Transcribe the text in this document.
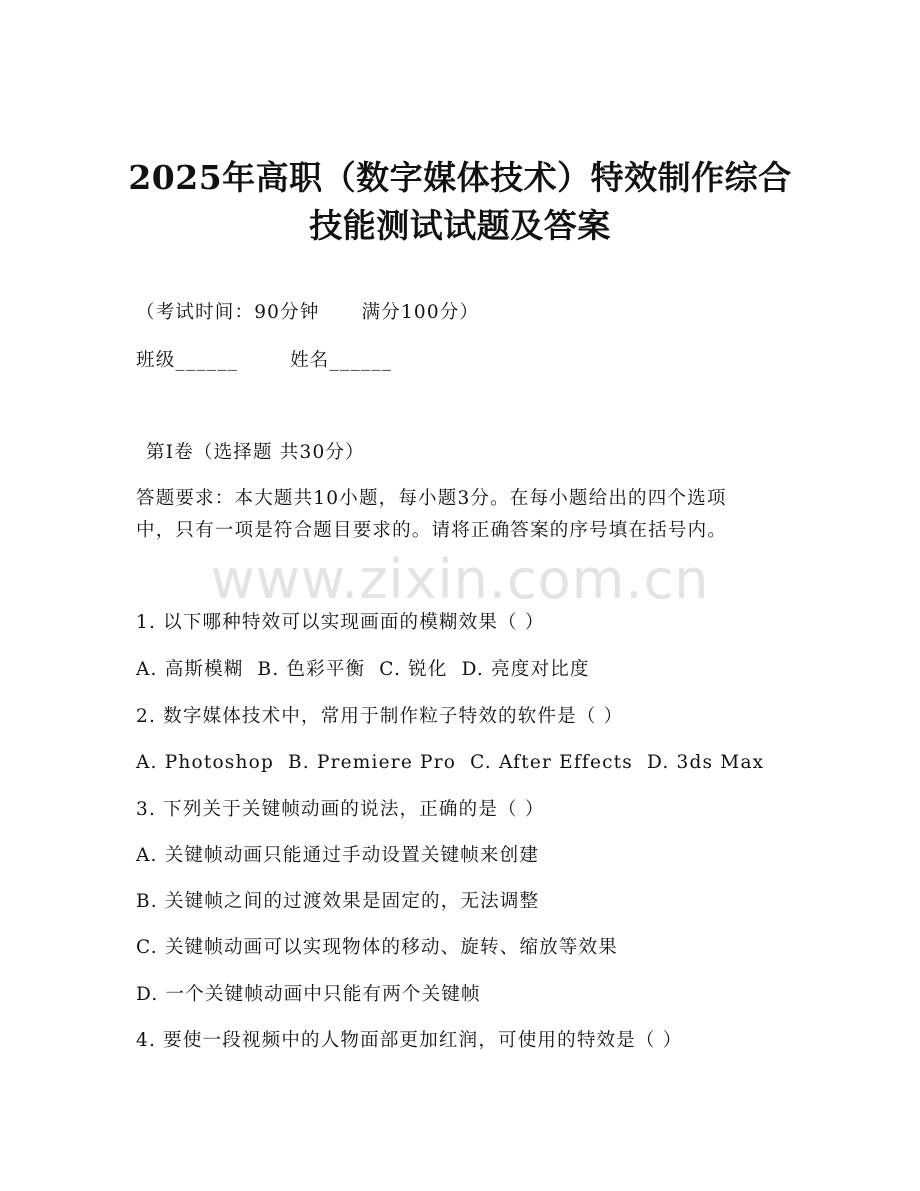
2025年高职（数字媒体技术）特效制作综合
技能测试试题及答案
（考试时间：90分钟 满分100分）
班级______	姓名______
第Ⅰ卷（选择题 共30分）
答题要求：本大题共10小题，每小题3分。在每小题给出的四个选项
中，只有一项是符合题目要求的。请将正确答案的序号填在括号内。
www.zixin.com.cn
1. 以下哪种特效可以实现画面的模糊效果（ ）
A. 高斯模糊 B. 色彩平衡 C. 锐化 D. 亮度对比度
2. 数字媒体技术中，常用于制作粒子特效的软件是（ ）
A. Photoshop B. Premiere Pro C. After Effects D. 3ds Max
3. 下列关于关键帧动画的说法，正确的是（ ）
A. 关键帧动画只能通过手动设置关键帧来创建
B. 关键帧之间的过渡效果是固定的，无法调整
C. 关键帧动画可以实现物体的移动、旋转、缩放等效果
D. 一个关键帧动画中只能有两个关键帧
4. 要使一段视频中的人物面部更加红润，可使用的特效是（ ）
